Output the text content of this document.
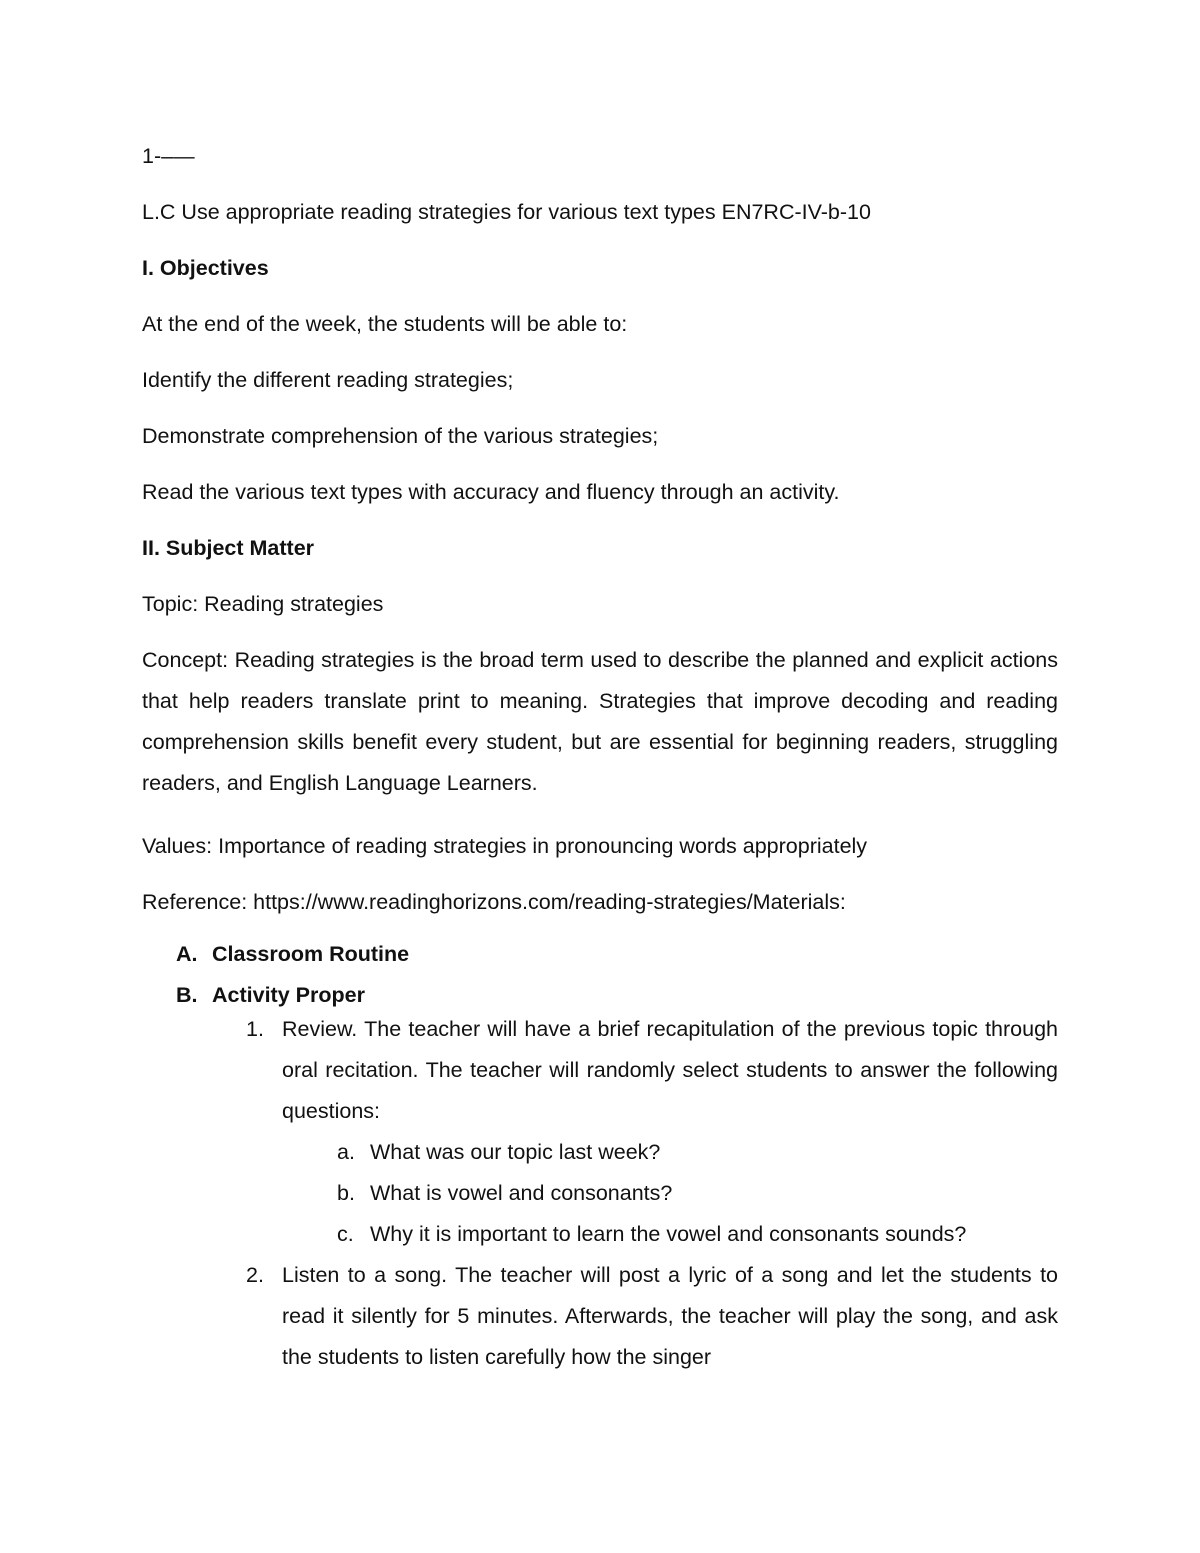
1-–—

L.C Use appropriate reading strategies for various text types EN7RC-IV-b-10

I. Objectives

At the end of the week, the students will be able to:

Identify the different reading strategies;

Demonstrate comprehension of the various strategies;

Read the various text types with accuracy and fluency through an activity.

II. Subject Matter

Topic: Reading strategies

Concept: Reading strategies is the broad term used to describe the planned and explicit actions that help readers translate print to meaning. Strategies that improve decoding and reading comprehension skills benefit every student, but are essential for beginning readers, struggling readers, and English Language Learners.

Values: Importance of reading strategies in pronouncing words appropriately

Reference: https://www.readinghorizons.com/reading-strategies/Materials:

A. Classroom Routine
B. Activity Proper
1. Review. The teacher will have a brief recapitulation of the previous topic through oral recitation. The teacher will randomly select students to answer the following questions:
a. What was our topic last week?
b. What is vowel and consonants?
c. Why it is important to learn the vowel and consonants sounds?
2. Listen to a song. The teacher will post a lyric of a song and let the students to read it silently for 5 minutes. Afterwards, the teacher will play the song, and ask the students to listen carefully how the singer
